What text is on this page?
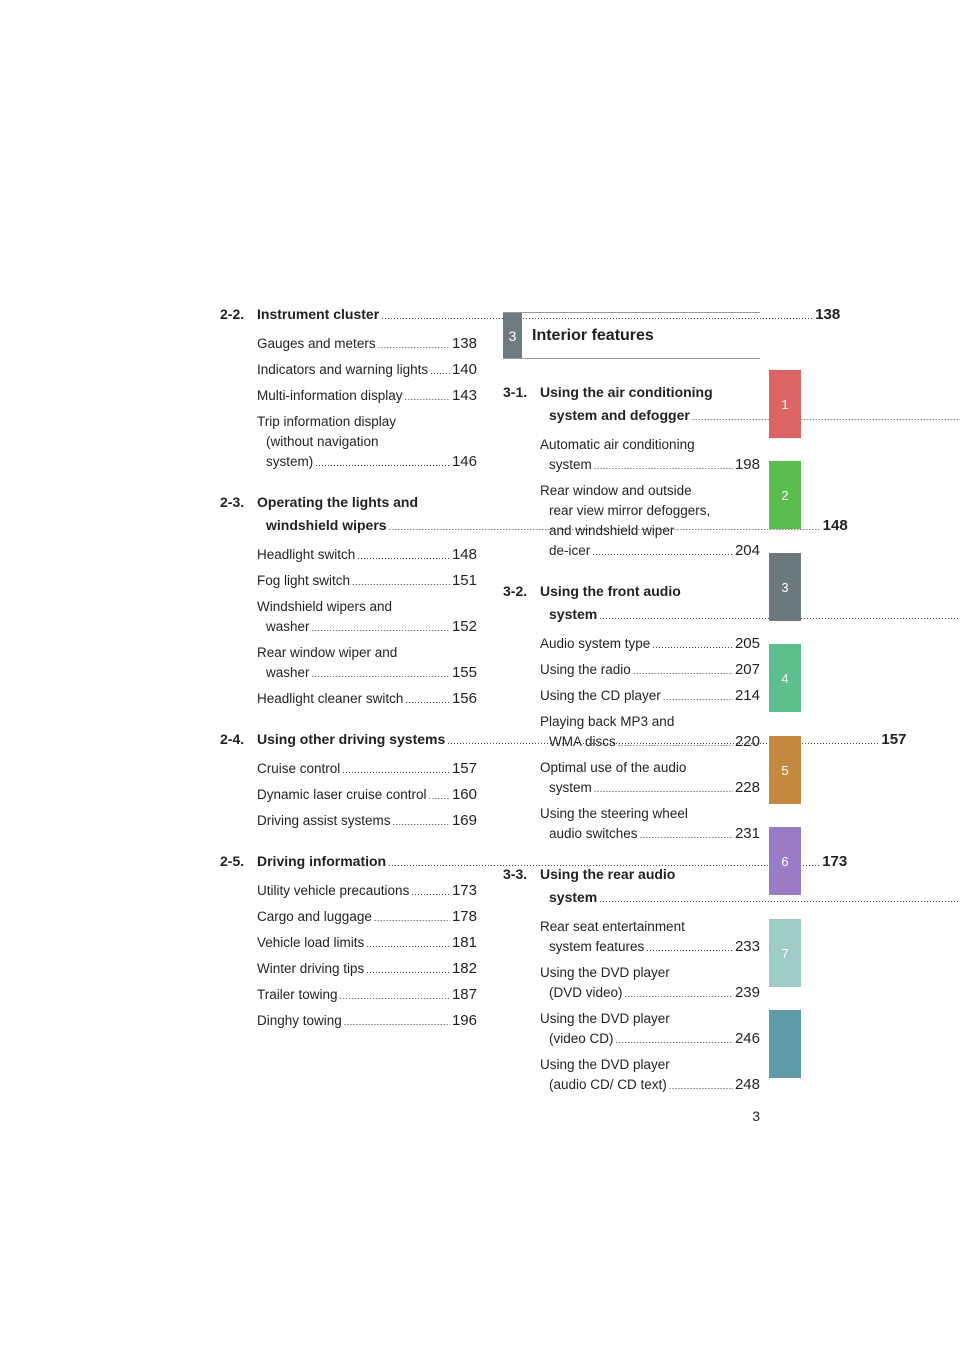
2-2. Instrument cluster .....	138
Gauges and meters .....	138
Indicators and warning lights ..... 140
Multi-information display .....	143
Trip information display
(without navigation
system) .....	146
2-3. Operating the lights and
windshield wipers .....	148
Headlight switch .....	148
Fog light switch .....	151
Windshield wipers and
washer .....	152
Rear window wiper and
washer .....	155
Headlight cleaner switch .....	156
2-4. Using other driving systems .....	157
Cruise control .....	157
Dynamic laser cruise control ..... 160
Driving assist systems .....	169
2-5. Driving information .....	173
Utility vehicle precautions .....	173
Cargo and luggage .....	178
Vehicle load limits .....	181
Winter driving tips .....	182
Trailer towing .....	187
Dinghy towing .....	196
3 Interior features
3-1. Using the air conditioning
system and defogger
.....
Automatic air conditioning
system .....	198
Rear window and outside
rear view mirror defoggers,
and windshield wiper
de-icer .....	204
3-2. Using the front audio
system
.....
Audio system type .....	205
Using the radio .....	207
Using the CD player .....	214
Playing back MP3 and
WMA discs .....	220
Optimal use of the audio
system .....	228
Using the steering wheel
audio switches .....	231
3-3. Using the rear audio
system
.....
Rear seat entertainment
system features .....	233
Using the DVD player
(DVD video) .....	239
Using the DVD player
(video CD) .....	246
Using the DVD player
(audio CD/ CD text) .....	248
1
2
3
4
5
6
7
3
